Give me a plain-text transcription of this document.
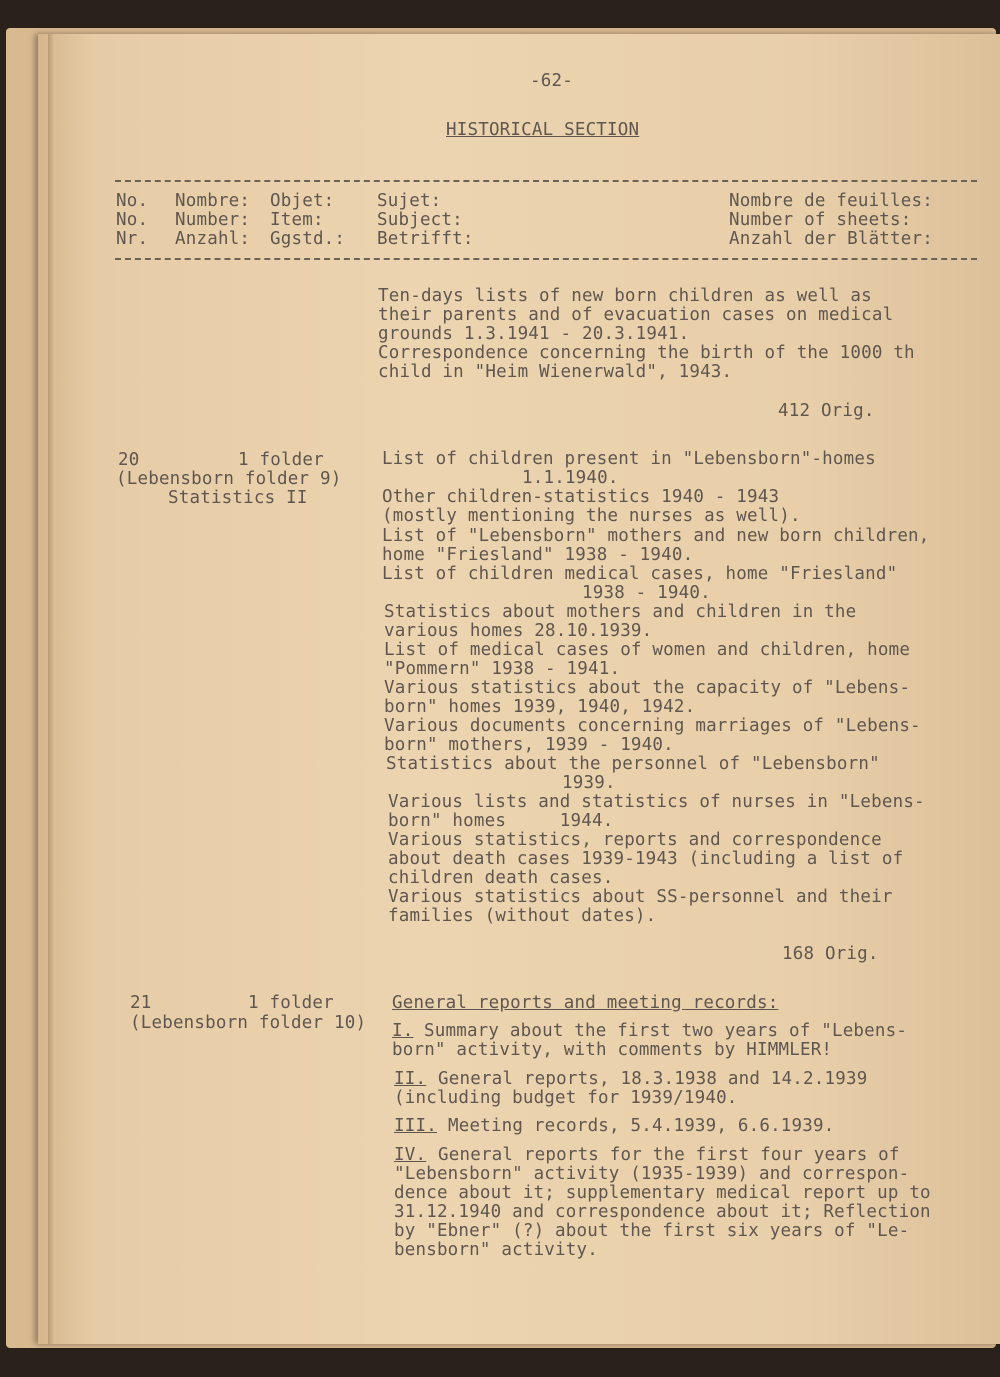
-62-
HISTORICAL SECTION
No.
No.
Nr.
Nombre:
Number:
Anzahl:
Objet:
Item:
Ggstd.:
Sujet:
Subject:
Betrifft:
Nombre de feuilles:
Number of sheets:
Anzahl der Blätter:
Ten-days lists of new born children as well as
their parents and of evacuation cases on medical
grounds 1.3.1941 - 20.3.1941.
Correspondence concerning the birth of the 1000 th
child in "Heim Wienerwald", 1943.
412 Orig.
20	1 folder
(Lebensborn folder 9)
Statistics II
List of children present in "Lebensborn"-homes
1.1.1940.
Other children-statistics 1940 - 1943
(mostly mentioning the nurses as well).
List of "Lebensborn" mothers and new born children,
home "Friesland" 1938 - 1940.
List of children medical cases, home "Friesland"
1938 - 1940.
Statistics about mothers and children in the
various homes 28.10.1939.
List of medical cases of women and children, home
"Pommern" 1938 - 1941.
Various statistics about the capacity of "Lebens-
born" homes 1939, 1940, 1942.
Various documents concerning marriages of "Lebens-
born" mothers, 1939 - 1940.
Statistics about the personnel of "Lebensborn"
1939.
Various lists and statistics of nurses in "Lebens-
born" homes     1944.
Various statistics, reports and correspondence
about death cases 1939-1943 (including a list of
children death cases.
Various statistics about SS-personnel and their
families (without dates).
168 Orig.
21	1 folder
(Lebensborn folder 10)
General reports and meeting records:
I. Summary about the first two years of "Lebens-
born" activity, with comments by HIMMLER!
II. General reports, 18.3.1938 and 14.2.1939
(including budget for 1939/1940.
III. Meeting records, 5.4.1939, 6.6.1939.
IV. General reports for the first four years of
"Lebensborn" activity (1935-1939) and correspon-
dence about it; supplementary medical report up to
31.12.1940 and correspondence about it; Reflection
by "Ebner" (?) about the first six years of "Le-
bensborn" activity.
